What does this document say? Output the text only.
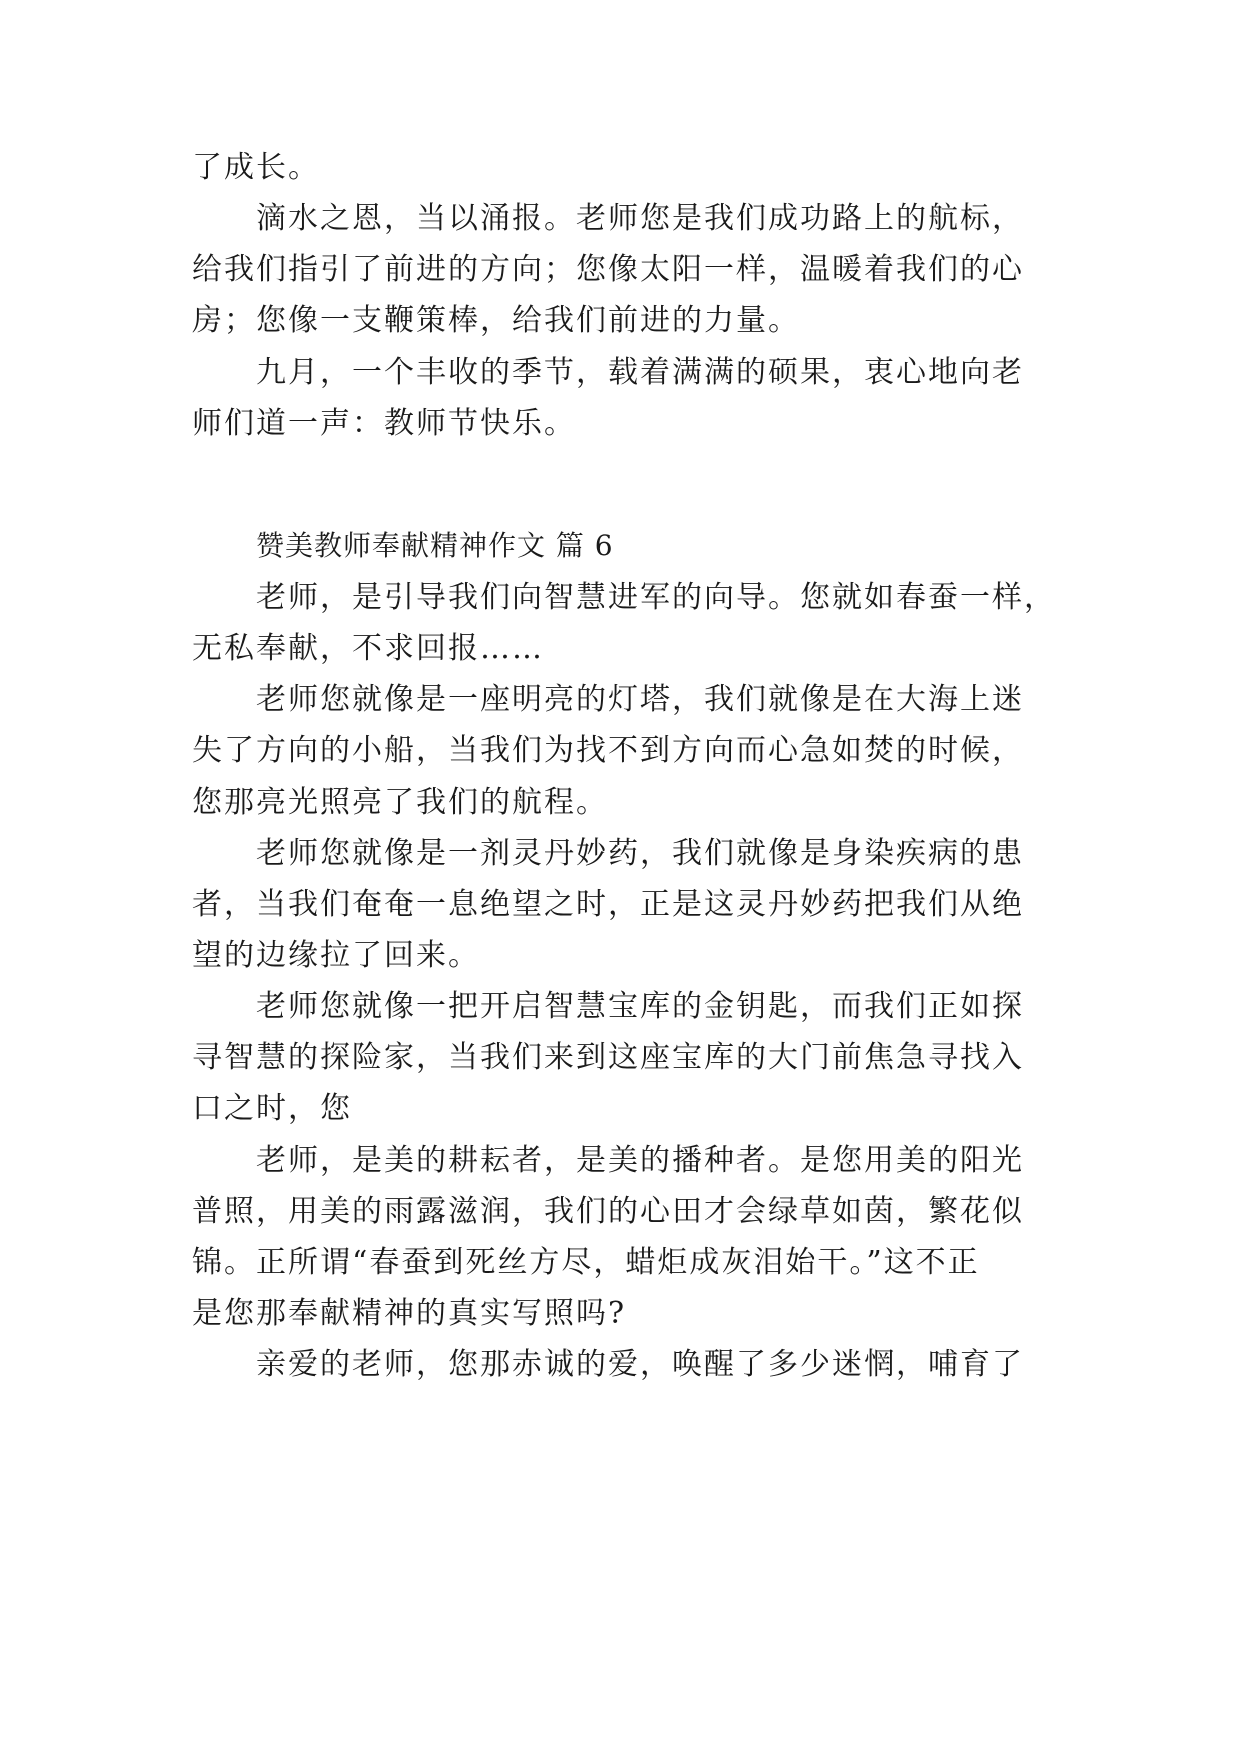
了成长。
滴水之恩，当以涌报。老师您是我们成功路上的航标，
给我们指引了前进的方向；您像太阳一样，温暖着我们的心
房；您像一支鞭策棒，给我们前进的力量。
九月，一个丰收的季节，载着满满的硕果，衷心地向老
师们道一声：教师节快乐。
赞美教师奉献精神作文 篇 6
老师，是引导我们向智慧进军的向导。您就如春蚕一样，
无私奉献，不求回报……
老师您就像是一座明亮的灯塔，我们就像是在大海上迷
失了方向的小船，当我们为找不到方向而心急如焚的时候，
您那亮光照亮了我们的航程。
老师您就像是一剂灵丹妙药，我们就像是身染疾病的患
者，当我们奄奄一息绝望之时，正是这灵丹妙药把我们从绝
望的边缘拉了回来。
老师您就像一把开启智慧宝库的金钥匙，而我们正如探
寻智慧的探险家，当我们来到这座宝库的大门前焦急寻找入
口之时，您
老师，是美的耕耘者，是美的播种者。是您用美的阳光
普照，用美的雨露滋润，我们的心田才会绿草如茵，繁花似
锦。正所谓“春蚕到死丝方尽，蜡炬成灰泪始干。”这不正
是您那奉献精神的真实写照吗?
亲爱的老师，您那赤诚的爱，唤醒了多少迷惘，哺育了
